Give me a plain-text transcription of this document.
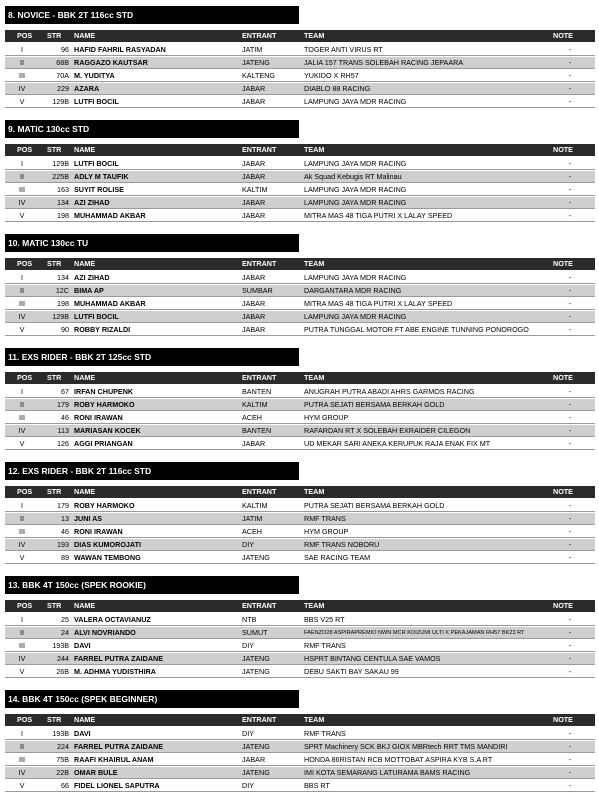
8. NOVICE - BBK 2T 116cc STD
POS	STR	NAME	ENTRANT	TEAM	NOTE
I	96 HAFID FAHRIL RASYADAN	JATIM	TOGER ANTI VIRUS RT	-
II	68B RAGGAZO KAUTSAR	JATENG	JALIA 157 TRANS SOLEBAH RACING JEPAARA	-
III	70A M. YUDITYA	KALTENG	YUKIDO X RH57	-
IV	229 AZARA	JABAR	DIABLO 88 RACING	-
V	129B LUTFI BOCIL	JABAR	LAMPUNG JAYA MDR RACING	-
9. MATIC 130cc STD
POS	STR	NAME	ENTRANT	TEAM	NOTE
I	129B LUTFI BOCIL	JABAR	LAMPUNG JAYA MDR RACING	-
II	225B ADLY M TAUFIK	JABAR	Ak Squad Kebugis RT Malinau	-
III	163 SUYIT ROLISE	KALTIM	LAMPUNG JAYA MDR RACING	-
IV	134 AZI ZIHAD	JABAR	LAMPUNG JAYA MDR RACING	-
V	198 MUHAMMAD AKBAR	JABAR	MITRA MAS 48 TIGA PUTRI X LALAY SPEED	-
10. MATIC 130cc TU
POS	STR	NAME	ENTRANT	TEAM	NOTE
I	134 AZI ZIHAD	JABAR	LAMPUNG JAYA MDR RACING	-
II	12C BIMA AP	SUMBAR	DARGANTARA MDR RACING	-
III	198 MUHAMMAD AKBAR	JABAR	MITRA MAS 48 TIGA PUTRI X LALAY SPEED	-
IV	129B LUTFI BOCIL	JABAR	LAMPUNG JAYA MDR RACING	-
V	90 ROBBY RIZALDI	JABAR	PUTRA TUNGGAL MOTOR FT ABE ENGINE TUNNING PONOROGO	-
11. EXS RIDER - BBK 2T 125cc STD
POS	STR	NAME	ENTRANT	TEAM	NOTE
I	67 IRFAN CHUPENK	BANTEN	ANUGRAH PUTRA ABADI AHRS GARMOS RACING	-
II	179 ROBY HARMOKO	KALTIM	PUTRA SEJATI BERSAMA BERKAH GOLD	-
III	46 RONI IRAWAN	ACEH	HYM GROUP	-
IV	113 MARIASAN KOCEK	BANTEN	RAFARDAN RT X SOLEBAH EXRAIDER CILEGON	-
V	126 AGGI PRIANGAN	JABAR	UD MEKAR SARI ANEKA KERUPUK RAJA ENAK FIX MT	-
12. EXS RIDER - BBK 2T 116cc STD
POS	STR	NAME	ENTRANT	TEAM	NOTE
I	179 ROBY HARMOKO	KALTIM	PUTRA SEJATI BERSAMA BERKAH GOLD	-
II	13 JUNI AS	JATIM	RMF TRANS	-
III	46 RONI IRAWAN	ACEH	HYM GROUP	-
IV	193 DIAS KUMOROJATI	DIY	RMF TRANS NOBORU	-
V	89 WAWAN TEMBONG	JATENG	SAE RACING TEAM	-
13. BBK 4T 150cc (SPEK ROOKIE)
POS	STR	NAME	ENTRANT	TEAM	NOTE
I	25 VALERA OCTAVIANUZ	NTB	BBS V25 RT	-
II	24 ALVI NOVRIANDO	SUMUT	FAENZO28 ASPIRAPREMIO NWN MCR KOIZUMI ULTI X PEKAJAMAN RH57 BK23 RT	-
III	193B DAVI	DIY	RMF TRANS	-
IV	244 FARREL PUTRA ZAIDANE	JATENG	HSPRT BINTANG CENTULA SAE VAMOS	-
V	26B M. ADHMA YUDISTHIRA	JATENG	DEBU SAKTI BAY SAKAU 99	-
14. BBK 4T 150cc (SPEK BEGINNER)
POS	STR	NAME	ENTRANT	TEAM	NOTE
I	193B DAVI	DIY	RMF TRANS	-
II	224 FARREL PUTRA ZAIDANE	JATENG	SPRT Machinery SCK BKJ GIOX MBRtech RRT TMS MANDIRI	-
III	75B RAAFI KHAIRUL ANAM	JABAR	HONDA 86RISTAN RCB MOTTOBAT ASPIRA KYB S.A RT	-
IV	22B OMAR BULE	JATENG	IMI KOTA SEMARANG LATURAMA BAMS RACING	-
V	66 FIDEL LIONEL SAPUTRA	DIY	BBS RT	-
